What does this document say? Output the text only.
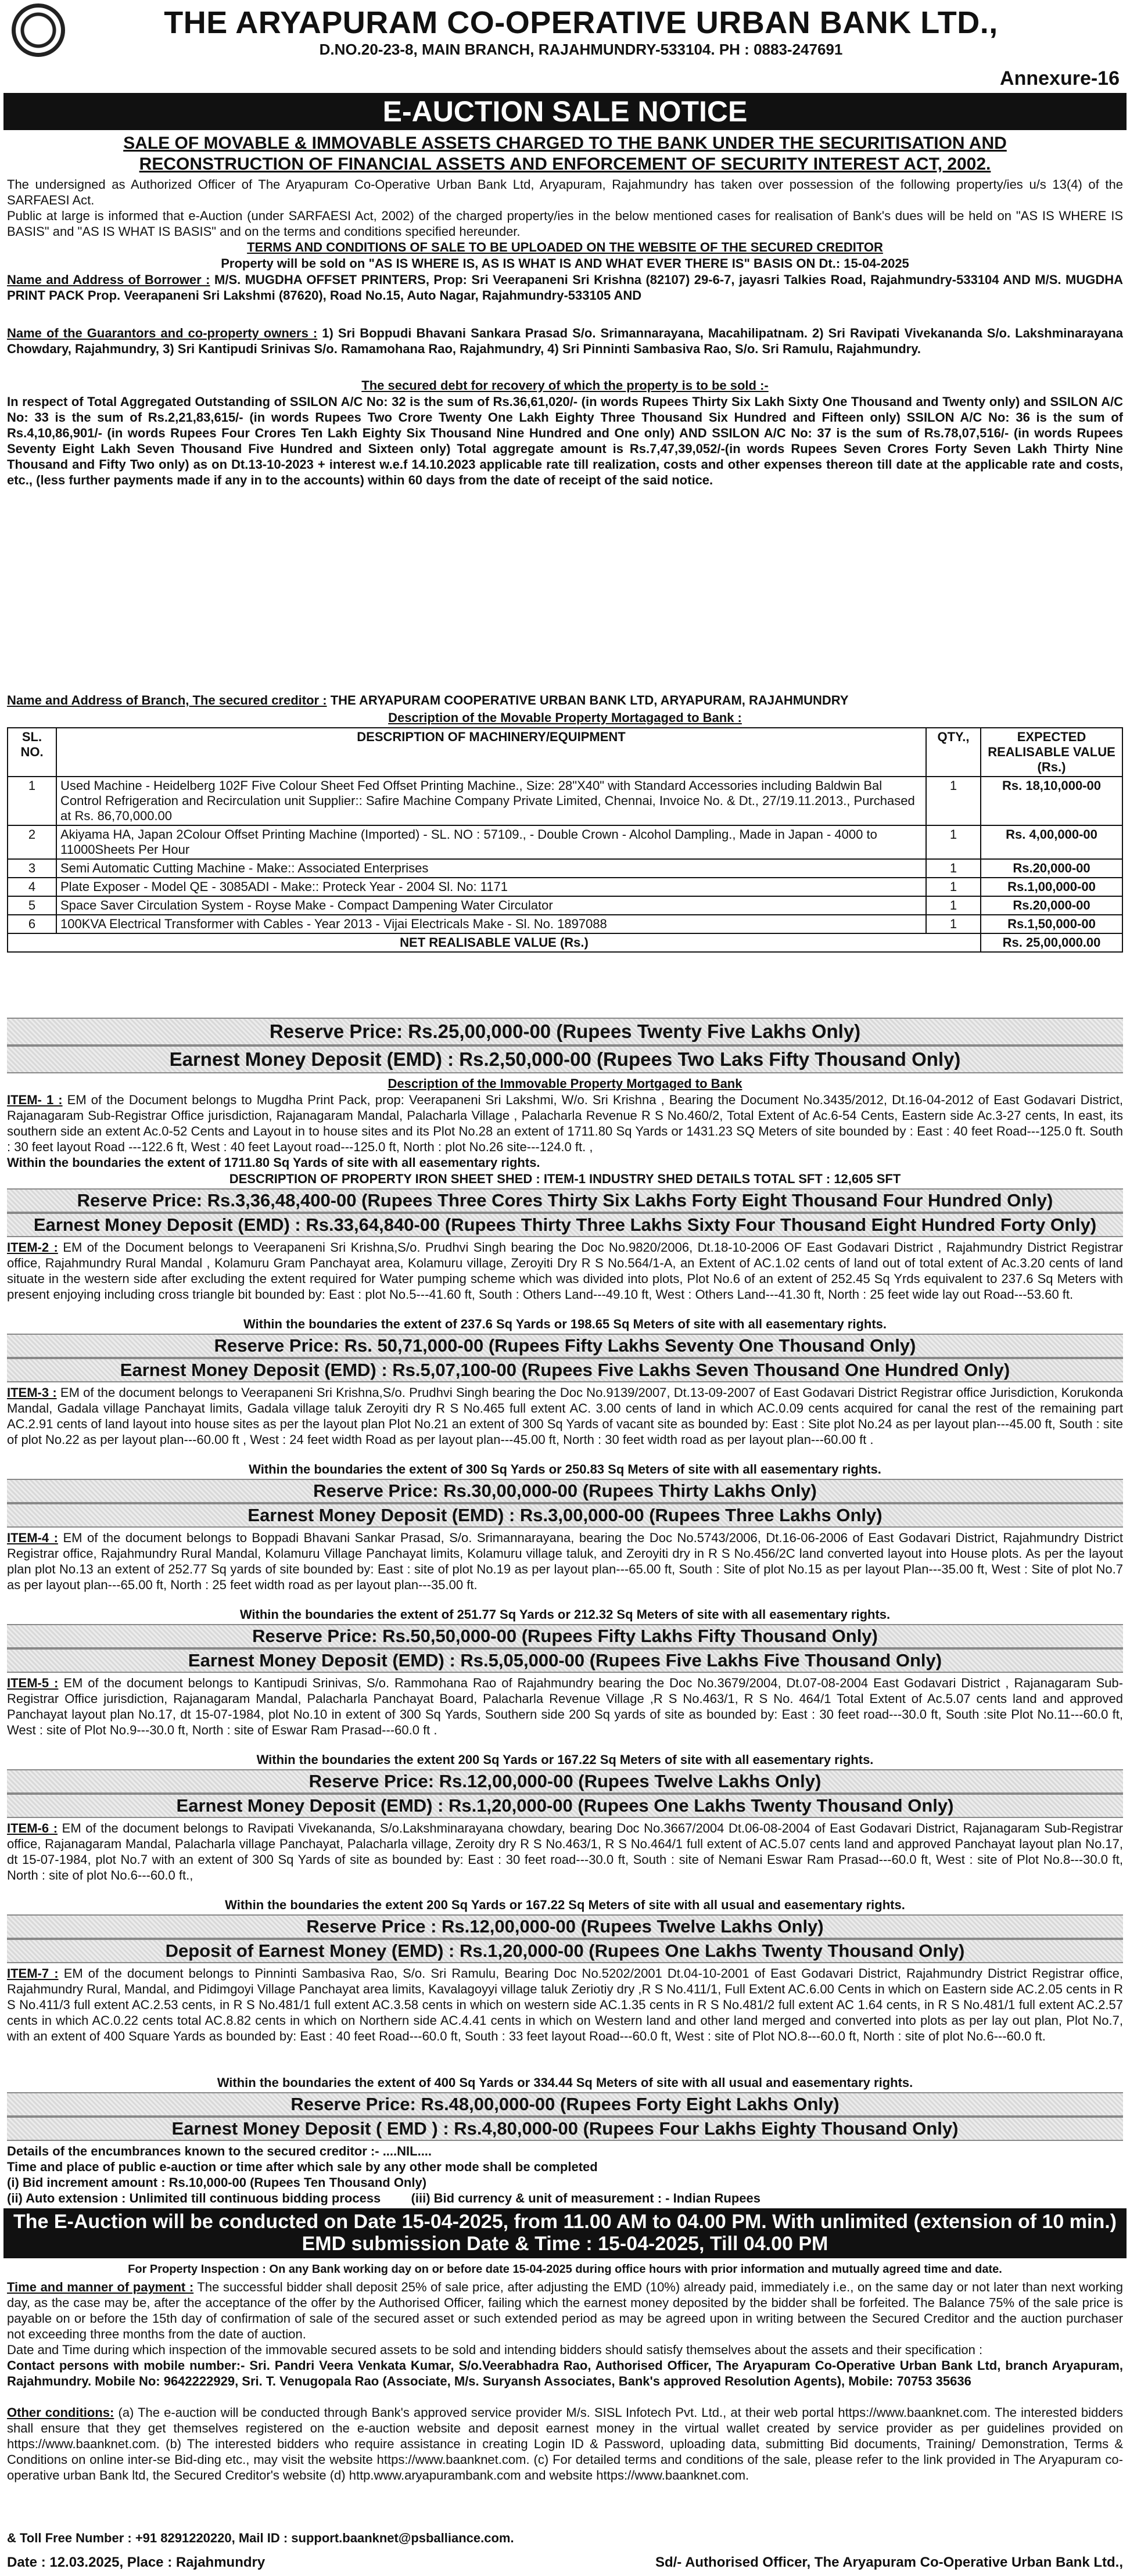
THE ARYAPURAM CO-OPERATIVE URBAN BANK LTD.,
D.NO.20-23-8, MAIN BRANCH, RAJAHMUNDRY-533104. PH : 0883-247691
Annexure-16
E-AUCTION SALE NOTICE
SALE OF MOVABLE & IMMOVABLE ASSETS CHARGED TO THE BANK UNDER THE SECURITISATION AND
RECONSTRUCTION OF FINANCIAL ASSETS AND ENFORCEMENT OF SECURITY INTEREST ACT, 2002.
The undersigned as Authorized Officer of The Aryapuram Co-Operative Urban Bank Ltd, Aryapuram, Rajahmundry has taken over possession of the following property/ies u/s 13(4) of the SARFAESI Act.
Public at large is informed that e-Auction (under SARFAESI Act, 2002) of the charged property/ies in the below mentioned cases for realisation of Bank's dues will be held on "AS IS WHERE IS BASIS" and "AS IS WHAT IS BASIS" and on the terms and conditions specified hereunder.
TERMS AND CONDITIONS OF SALE TO BE UPLOADED ON THE WEBSITE OF THE SECURED CREDITOR
Property will be sold on "AS IS WHERE IS, AS IS WHAT IS AND WHAT EVER THERE IS" BASIS ON Dt.: 15-04-2025
Name and Address of Borrower : M/S. MUGDHA OFFSET PRINTERS, Prop: Sri Veerapaneni Sri Krishna (82107) 29-6-7, jayasri Talkies Road, Rajahmundry-533104 AND M/S. MUGDHA PRINT PACK Prop. Veerapaneni Sri Lakshmi (87620), Road No.15, Auto Nagar, Rajahmundry-533105 AND
Name of the Guarantors and co-property owners : 1) Sri Boppudi Bhavani Sankara Prasad S/o. Srimannarayana, Macahilipatnam. 2) Sri Ravipati Vivekananda S/o. Lakshminarayana Chowdary, Rajahmundry, 3) Sri Kantipudi Srinivas S/o. Ramamohana Rao, Rajahmundry, 4) Sri Pinninti Sambasiva Rao, S/o. Sri Ramulu, Rajahmundry.
The secured debt for recovery of which the property is to be sold :-
In respect of Total Aggregated Outstanding of SSILON A/C No: 32 is the sum of Rs.36,61,020/- (in words Rupees Thirty Six Lakh Sixty One Thousand and Twenty only) and SSILON A/C No: 33 is the sum of Rs.2,21,83,615/- (in words Rupees Two Crore Twenty One Lakh Eighty Three Thousand Six Hundred and Fifteen only) SSILON A/C No: 36 is the sum of Rs.4,10,86,901/- (in words Rupees Four Crores Ten Lakh Eighty Six Thousand Nine Hundred and One only) AND SSILON A/C No: 37 is the sum of Rs.78,07,516/- (in words Rupees Seventy Eight Lakh Seven Thousand Five Hundred and Sixteen only) Total aggregate amount is Rs.7,47,39,052/-(in words Rupees Seven Crores Forty Seven Lakh Thirty Nine Thousand and Fifty Two only) as on Dt.13-10-2023 + interest w.e.f 14.10.2023 applicable rate till realization, costs and other expenses thereon till date at the applicable rate and costs, etc., (less further payments made if any in to the accounts) within 60 days from the date of receipt of the said notice.
Name and Address of Branch, The secured creditor : THE ARYAPURAM COOPERATIVE URBAN BANK LTD, ARYAPURAM, RAJAHMUNDRY
Description of the Movable Property Mortagaged to Bank :
SL. NO.	DESCRIPTION OF MACHINERY/EQUIPMENT	QTY.,	EXPECTED REALISABLE VALUE (Rs.)
1	Used Machine - Heidelberg 102F Five Colour Sheet Fed Offset Printing Machine., Size: 28"X40" with Standard Accessories including Baldwin Bal Control Refrigeration and Recirculation unit Supplier:: Safire Machine Company Private Limited, Chennai, Invoice No. & Dt., 27/19.11.2013., Purchased at Rs. 86,70,000.00	1	Rs. 18,10,000-00
2	Akiyama HA, Japan 2Colour Offset Printing Machine (Imported) - SL. NO : 57109., - Double Crown - Alcohol Dampling., Made in Japan - 4000 to 11000Sheets Per Hour	1	Rs. 4,00,000-00
3	Semi Automatic Cutting Machine - Make:: Associated Enterprises	1	Rs.20,000-00
4	Plate Exposer - Model QE - 3085ADI - Make:: Proteck Year - 2004 Sl. No: 1171	1	Rs.1,00,000-00
5	Space Saver Circulation System - Royse Make - Compact Dampening Water Circulator	1	Rs.20,000-00
6	100KVA Electrical Transformer with Cables - Year 2013 - Vijai Electricals Make - Sl. No. 1897088	1	Rs.1,50,000-00
NET REALISABLE VALUE (Rs.)			Rs. 25,00,000.00
Reserve Price: Rs.25,00,000-00 (Rupees Twenty Five Lakhs Only)
Earnest Money Deposit (EMD) : Rs.2,50,000-00 (Rupees Two Laks Fifty Thousand Only)
Description of the Immovable Property Mortgaged to Bank
ITEM- 1 : EM of the Document belongs to Mugdha Print Pack, prop: Veerapaneni Sri Lakshmi, W/o. Sri Krishna , Bearing the Document No.3435/2012, Dt.16-04-2012 of East Godavari District, Rajanagaram Sub-Registrar Office jurisdiction, Rajanagaram Mandal, Palacharla Village , Palacharla Revenue R S No.460/2, Total Extent of Ac.6-54 Cents, Eastern side Ac.3-27 cents, In east, its southern side an extent Ac.0-52 Cents and Layout in to house sites and its Plot No.28 an extent of 1711.80 Sq Yards or 1431.23 SQ Meters of site bounded by : East : 40 feet Road---125.0 ft. South : 30 feet layout Road ---122.6 ft, West : 40 feet Layout road---125.0 ft, North : plot No.26 site---124.0 ft. ,
Within the boundaries the extent of 1711.80 Sq Yards of site with all easementary rights.
DESCRIPTION OF PROPERTY IRON SHEET SHED : ITEM-1 INDUSTRY SHED DETAILS TOTAL SFT : 12,605 SFT
Reserve Price: Rs.3,36,48,400-00 (Rupees Three Cores Thirty Six Lakhs Forty Eight Thousand Four Hundred Only)
Earnest Money Deposit (EMD) : Rs.33,64,840-00 (Rupees Thirty Three Lakhs Sixty Four Thousand Eight Hundred Forty Only)
ITEM-2 : EM of the Document belongs to Veerapaneni Sri Krishna,S/o. Prudhvi Singh bearing the Doc No.9820/2006, Dt.18-10-2006 OF East Godavari District , Rajahmundry District Registrar office, Rajahmundry Rural Mandal , Kolamuru Gram Panchayat area, Kolamuru village, Zeroyiti Dry R S No.564/1-A, an Extent of AC.1.02 cents of land out of total extent of Ac.3.20 cents of land situate in the western side after excluding the extent required for Water pumping scheme which was divided into plots, Plot No.6 of an extent of 252.45 Sq Yrds equivalent to 237.6 Sq Meters with present enjoying including cross triangle bit bounded by: East : plot No.5---41.60 ft, South : Others Land---49.10 ft, West : Others Land---41.30 ft, North : 25 feet wide lay out Road---53.60 ft.
Within the boundaries the extent of 237.6 Sq Yards or 198.65 Sq Meters of site with all easementary rights.
Reserve Price: Rs. 50,71,000-00 (Rupees Fifty Lakhs Seventy One Thousand Only)
Earnest Money Deposit (EMD) : Rs.5,07,100-00 (Rupees Five Lakhs Seven Thousand One Hundred Only)
ITEM-3 : EM of the document belongs to Veerapaneni Sri Krishna,S/o. Prudhvi Singh bearing the Doc No.9139/2007, Dt.13-09-2007 of East Godavari District Registrar office Jurisdiction, Korukonda Mandal, Gadala village Panchayat limits, Gadala village taluk Zeroyiti dry R S No.465 full extent AC. 3.00 cents of land in which AC.0.09 cents acquired for canal the rest of the remaining part AC.2.91 cents of land layout into house sites as per the layout plan Plot No.21 an extent of 300 Sq Yards of vacant site as bounded by: East : Site plot No.24 as per layout plan---45.00 ft, South : site of plot No.22 as per layout plan---60.00 ft , West : 24 feet width Road as per layout plan---45.00 ft, North : 30 feet width road as per layout plan---60.00 ft .
Within the boundaries the extent of 300 Sq Yards or 250.83 Sq Meters of site with all easementary rights.
Reserve Price: Rs.30,00,000-00 (Rupees Thirty Lakhs Only)
Earnest Money Deposit (EMD) : Rs.3,00,000-00 (Rupees Three Lakhs Only)
ITEM-4 : EM of the document belongs to Boppadi Bhavani Sankar Prasad, S/o. Srimannarayana, bearing the Doc No.5743/2006, Dt.16-06-2006 of East Godavari District, Rajahmundry District Registrar office, Rajahmundry Rural Mandal, Kolamuru Village Panchayat limits, Kolamuru village taluk, and Zeroyiti dry in R S No.456/2C land converted layout into House plots. As per the layout plan plot No.13 an extent of 252.77 Sq yards of site bounded by: East : site of plot No.19 as per layout plan---65.00 ft, South : Site of plot No.15 as per layout Plan---35.00 ft, West : Site of plot No.7 as per layout plan---65.00 ft, North : 25 feet width road as per layout plan---35.00 ft.
Within the boundaries the extent of 251.77 Sq Yards or 212.32 Sq Meters of site with all easementary rights.
Reserve Price: Rs.50,50,000-00 (Rupees Fifty Lakhs Fifty Thousand Only)
Earnest Money Deposit (EMD) : Rs.5,05,000-00 (Rupees Five Lakhs Five Thousand Only)
ITEM-5 : EM of the document belongs to Kantipudi Srinivas, S/o. Rammohana Rao of Rajahmundry bearing the Doc No.3679/2004, Dt.07-08-2004 East Godavari District , Rajanagaram Sub-Registrar Office jurisdiction, Rajanagaram Mandal, Palacharla Panchayat Board, Palacharla Revenue Village ,R S No.463/1, R S No. 464/1 Total Extent of Ac.5.07 cents land and approved Panchayat layout plan No.17, dt 15-07-1984, plot No.10 in extent of 300 Sq Yards, Southern side 200 Sq yards of site as bounded by: East : 30 feet road---30.0 ft, South :site Plot No.11---60.0 ft, West : site of Plot No.9---30.0 ft, North : site of Eswar Ram Prasad---60.0 ft .
Within the boundaries the extent 200 Sq Yards or 167.22 Sq Meters of site with all easementary rights.
Reserve Price: Rs.12,00,000-00 (Rupees Twelve Lakhs Only)
Earnest Money Deposit (EMD) : Rs.1,20,000-00 (Rupees One Lakhs Twenty Thousand Only)
ITEM-6 : EM of the document belongs to Ravipati Vivekananda, S/o.Lakshminarayana chowdary, bearing Doc No.3667/2004 Dt.06-08-2004 of East Godavari District, Rajanagaram Sub-Registrar office, Rajanagaram Mandal, Palacharla village Panchayat, Palacharla village, Zeroity dry R S No.463/1, R S No.464/1 full extent of AC.5.07 cents land and approved Panchayat layout plan No.17, dt 15-07-1984, plot No.7 with an extent of 300 Sq Yards of site as bounded by: East : 30 feet road---30.0 ft, South : site of Nemani Eswar Ram Prasad---60.0 ft, West : site of Plot No.8---30.0 ft, North : site of plot No.6---60.0 ft.,
Within the boundaries the extent 200 Sq Yards or 167.22 Sq Meters of site with all usual and easementary rights.
Reserve Price : Rs.12,00,000-00 (Rupees Twelve Lakhs Only)
Deposit of Earnest Money (EMD) : Rs.1,20,000-00 (Rupees One Lakhs Twenty Thousand Only)
ITEM-7 : EM of the document belongs to Pinninti Sambasiva Rao, S/o. Sri Ramulu, Bearing Doc No.5202/2001 Dt.04-10-2001 of East Godavari District, Rajahmundry District Registrar office, Rajahmundry Rural, Mandal, and Pidimgoyi Village Panchayat area limits, Kavalagoyyi village taluk Zeriotiy dry ,R S No.411/1, Full Extent AC.6.00 Cents in which on Eastern side AC.2.05 cents in R S No.411/3 full extent AC.2.53 cents, in R S No.481/1 full extent AC.3.58 cents in which on western side AC.1.35 cents in R S No.481/2 full extent AC 1.64 cents, in R S No.481/1 full extent AC.2.57 cents in which AC.0.22 cents total AC.8.82 cents in which on Northern side AC.4.41 cents in which on Western land and other land merged and converted into plots as per lay out plan, Plot No.7, with an extent of 400 Square Yards as bounded by: East : 40 feet Road---60.0 ft, South : 33 feet layout Road---60.0 ft, West : site of Plot NO.8---60.0 ft, North : site of plot No.6---60.0 ft.
Within the boundaries the extent of 400 Sq Yards or 334.44 Sq Meters of site with all usual and easementary rights.
Reserve Price: Rs.48,00,000-00 (Rupees Forty Eight Lakhs Only)
Earnest Money Deposit ( EMD ) : Rs.4,80,000-00 (Rupees Four Lakhs Eighty Thousand Only)
Details of the encumbrances known to the secured creditor :- ....NIL....
Time and place of public e-auction or time after which sale by any other mode shall be completed
(i) Bid increment amount : Rs.10,000-00 (Rupees Ten Thousand Only)
(ii) Auto extension : Unlimited till continuous bidding process (iii) Bid currency & unit of measurement : - Indian Rupees
The E-Auction will be conducted on Date 15-04-2025, from 11.00 AM to 04.00 PM. With unlimited (extension of 10 min.)
EMD submission Date & Time : 15-04-2025, Till 04.00 PM
For Property Inspection : On any Bank working day on or before date 15-04-2025 during office hours with prior information and mutually agreed time and date.
Time and manner of payment : The successful bidder shall deposit 25% of sale price, after adjusting the EMD (10%) already paid, immediately i.e., on the same day or not later than next working day, as the case may be, after the acceptance of the offer by the Authorised Officer, failing which the earnest money deposited by the bidder shall be forfeited. The Balance 75% of the sale price is payable on or before the 15th day of confirmation of sale of the secured asset or such extended period as may be agreed upon in writing between the Secured Creditor and the auction purchaser not exceeding three months from the date of auction.
Date and Time during which inspection of the immovable secured assets to be sold and intending bidders should satisfy themselves about the assets and their specification :
Contact persons with mobile number:- Sri. Pandri Veera Venkata Kumar, S/o.Veerabhadra Rao, Authorised Officer, The Aryapuram Co-Operative Urban Bank Ltd, branch Aryapuram, Rajahmundry. Mobile No: 9642222929, Sri. T. Venugopala Rao (Associate, M/s. Suryansh Associates, Bank's approved Resolution Agents), Mobile: 70753 35636
Other conditions: (a) The e-auction will be conducted through Bank's approved service provider M/s. SISL Infotech Pvt. Ltd., at their web portal https://www.baanknet.com. The interested bidders shall ensure that they get themselves registered on the e-auction website and deposit earnest money in the virtual wallet created by service provider as per guidelines provided on https://www.baanknet.com. (b) The interested bidders who require assistance in creating Login ID & Password, uploading data, submitting Bid documents, Training/ Demonstration, Terms & Conditions on online inter-se Bid-ding etc., may visit the website https://www.baanknet.com. (c) For detailed terms and conditions of the sale, please refer to the link provided in The Aryapuram co-operative urban Bank ltd, the Secured Creditor's website (d) http.www.aryapurambank.com and website https://www.baanknet.com.
& Toll Free Number : +91 8291220220, Mail ID : support.baanknet@psballiance.com.
Date : 12.03.2025, Place : Rajahmundry	Sd/- Authorised Officer, The Aryapuram Co-Operative Urban Bank Ltd.,
